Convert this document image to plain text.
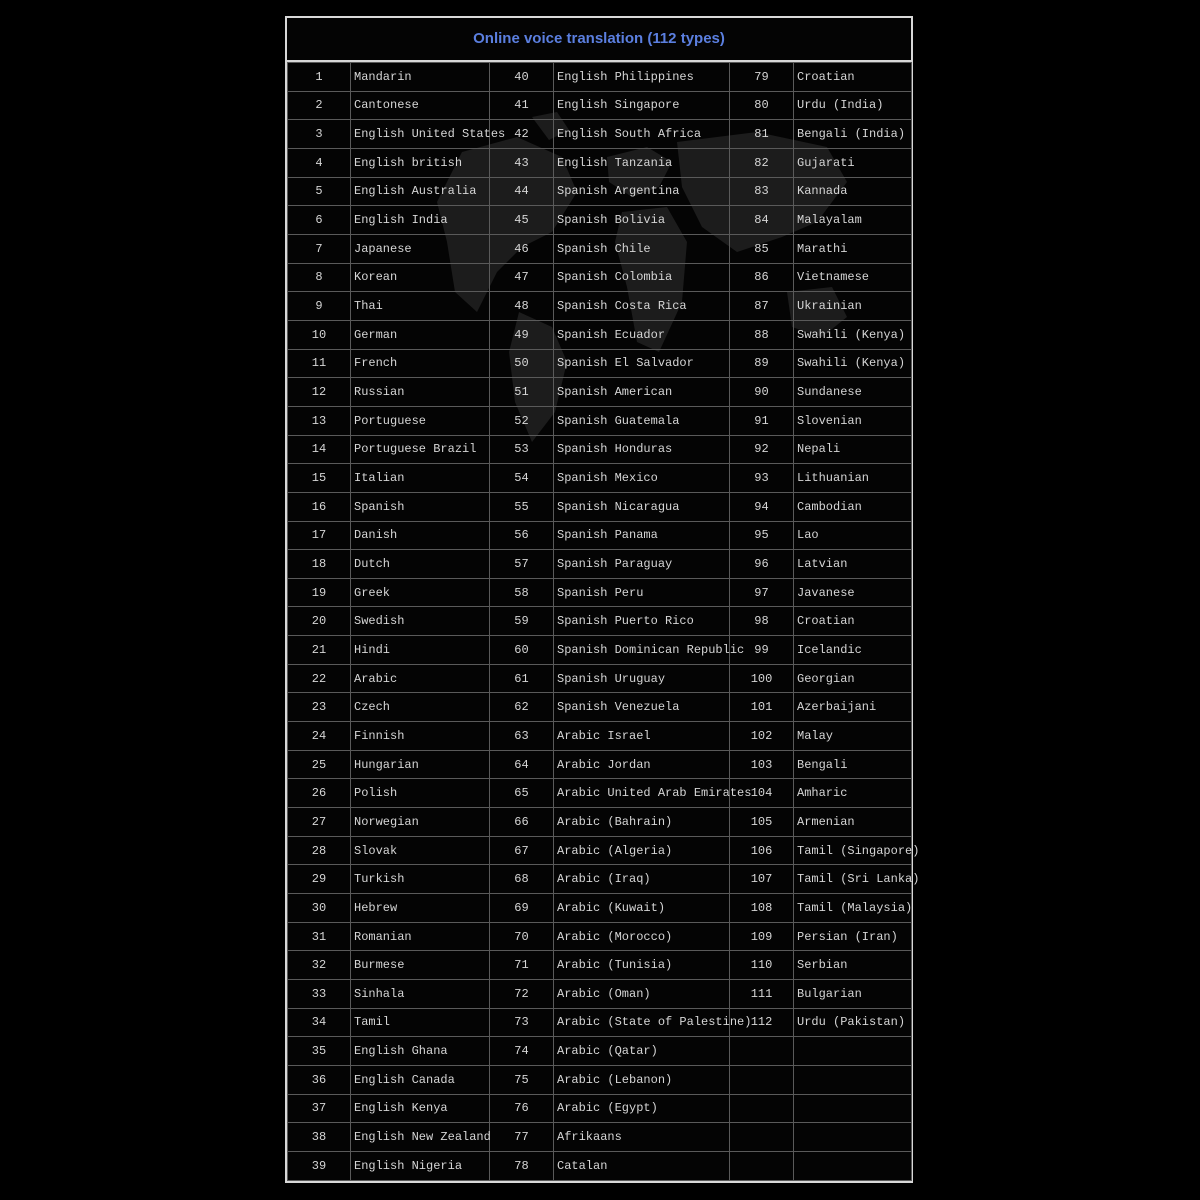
Online voice translation (112 types)
1	Mandarin	40	English Philippines	79	Croatian
2	Cantonese	41	English Singapore	80	Urdu (India)
3	English United States	42	English South Africa	81	Bengali (India)
4	English british	43	English Tanzania	82	Gujarati
5	English Australia	44	Spanish Argentina	83	Kannada
6	English India	45	Spanish Bolivia	84	Malayalam
7	Japanese	46	Spanish Chile	85	Marathi
8	Korean	47	Spanish Colombia	86	Vietnamese
9	Thai	48	Spanish Costa Rica	87	Ukrainian
10	German	49	Spanish Ecuador	88	Swahili (Kenya)
11	French	50	Spanish El Salvador	89	Swahili (Kenya)
12	Russian	51	Spanish American	90	Sundanese
13	Portuguese	52	Spanish Guatemala	91	Slovenian
14	Portuguese Brazil	53	Spanish Honduras	92	Nepali
15	Italian	54	Spanish Mexico	93	Lithuanian
16	Spanish	55	Spanish Nicaragua	94	Cambodian
17	Danish	56	Spanish Panama	95	Lao
18	Dutch	57	Spanish Paraguay	96	Latvian
19	Greek	58	Spanish Peru	97	Javanese
20	Swedish	59	Spanish Puerto Rico	98	Croatian
21	Hindi	60	Spanish Dominican Republic	99	Icelandic
22	Arabic	61	Spanish Uruguay	100	Georgian
23	Czech	62	Spanish Venezuela	101	Azerbaijani
24	Finnish	63	Arabic Israel	102	Malay
25	Hungarian	64	Arabic Jordan	103	Bengali
26	Polish	65	Arabic United Arab Emirates	104	Amharic
27	Norwegian	66	Arabic (Bahrain)	105	Armenian
28	Slovak	67	Arabic (Algeria)	106	Tamil (Singapore)
29	Turkish	68	Arabic (Iraq)	107	Tamil (Sri Lanka)
30	Hebrew	69	Arabic (Kuwait)	108	Tamil (Malaysia)
31	Romanian	70	Arabic (Morocco)	109	Persian (Iran)
32	Burmese	71	Arabic (Tunisia)	110	Serbian
33	Sinhala	72	Arabic (Oman)	111	Bulgarian
34	Tamil	73	Arabic (State of Palestine)	112	Urdu (Pakistan)
35	English Ghana	74	Arabic (Qatar)		
36	English Canada	75	Arabic (Lebanon)		
37	English Kenya	76	Arabic (Egypt)		
38	English New Zealand	77	Afrikaans		
39	English Nigeria	78	Catalan		
